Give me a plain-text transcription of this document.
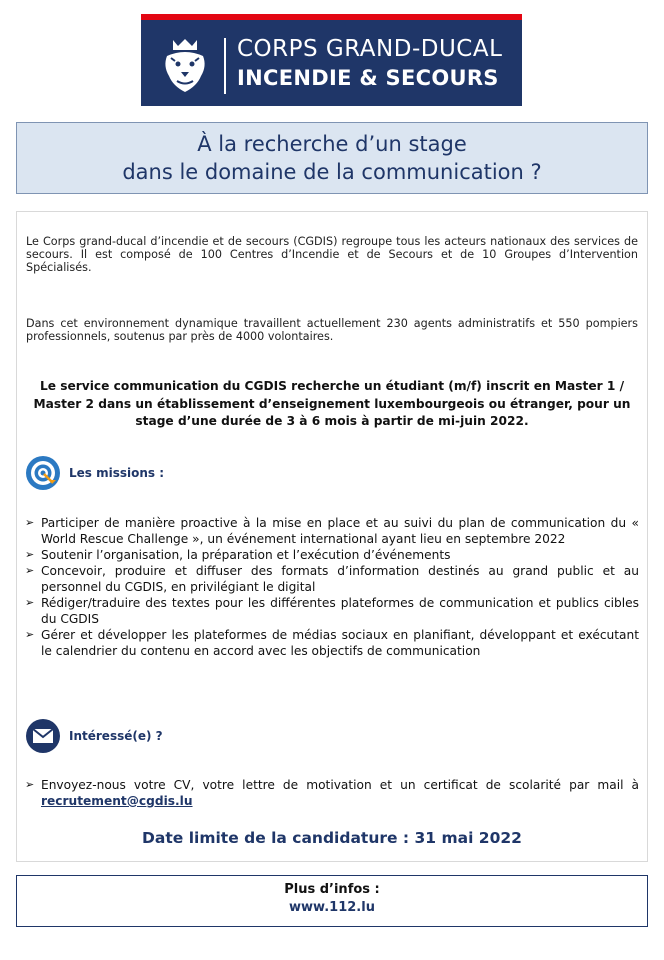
CORPS GRAND-DUCAL
INCENDIE & SECOURS
À la recherche d’un stage
dans le domaine de la communication ?
Le Corps grand-ducal d’incendie et de secours (CGDIS) regroupe tous les acteurs nationaux des services de secours. Il est composé de 100 Centres d’Incendie et de Secours et de 10 Groupes d’Intervention Spécialisés.
Dans cet environnement dynamique travaillent actuellement 230 agents administratifs et 550 pompiers professionnels, soutenus par près de 4000 volontaires.
Le service communication du CGDIS recherche un étudiant (m/f) inscrit en Master 1 / Master 2 dans un établissement d’enseignement luxembourgeois ou étranger, pour un stage d’une durée de 3 à 6 mois à partir de mi-juin 2022.
Les missions :
➢ Participer de manière proactive à la mise en place et au suivi du plan de communication du « World Rescue Challenge », un événement international ayant lieu en septembre 2022
➢ Soutenir l’organisation, la préparation et l’exécution d’événements
➢ Concevoir, produire et diffuser des formats d’information destinés au grand public et au personnel du CGDIS, en privilégiant le digital
➢ Rédiger/traduire des textes pour les différentes plateformes de communication et publics cibles du CGDIS
➢ Gérer et développer les plateformes de médias sociaux en planifiant, développant et exécutant le calendrier du contenu en accord avec les objectifs de communication
Intéressé(e) ?
➢ Envoyez-nous votre CV, votre lettre de motivation et un certificat de scolarité par mail à recrutement@cgdis.lu
Date limite de la candidature : 31 mai 2022
Plus d’infos :
www.112.lu
